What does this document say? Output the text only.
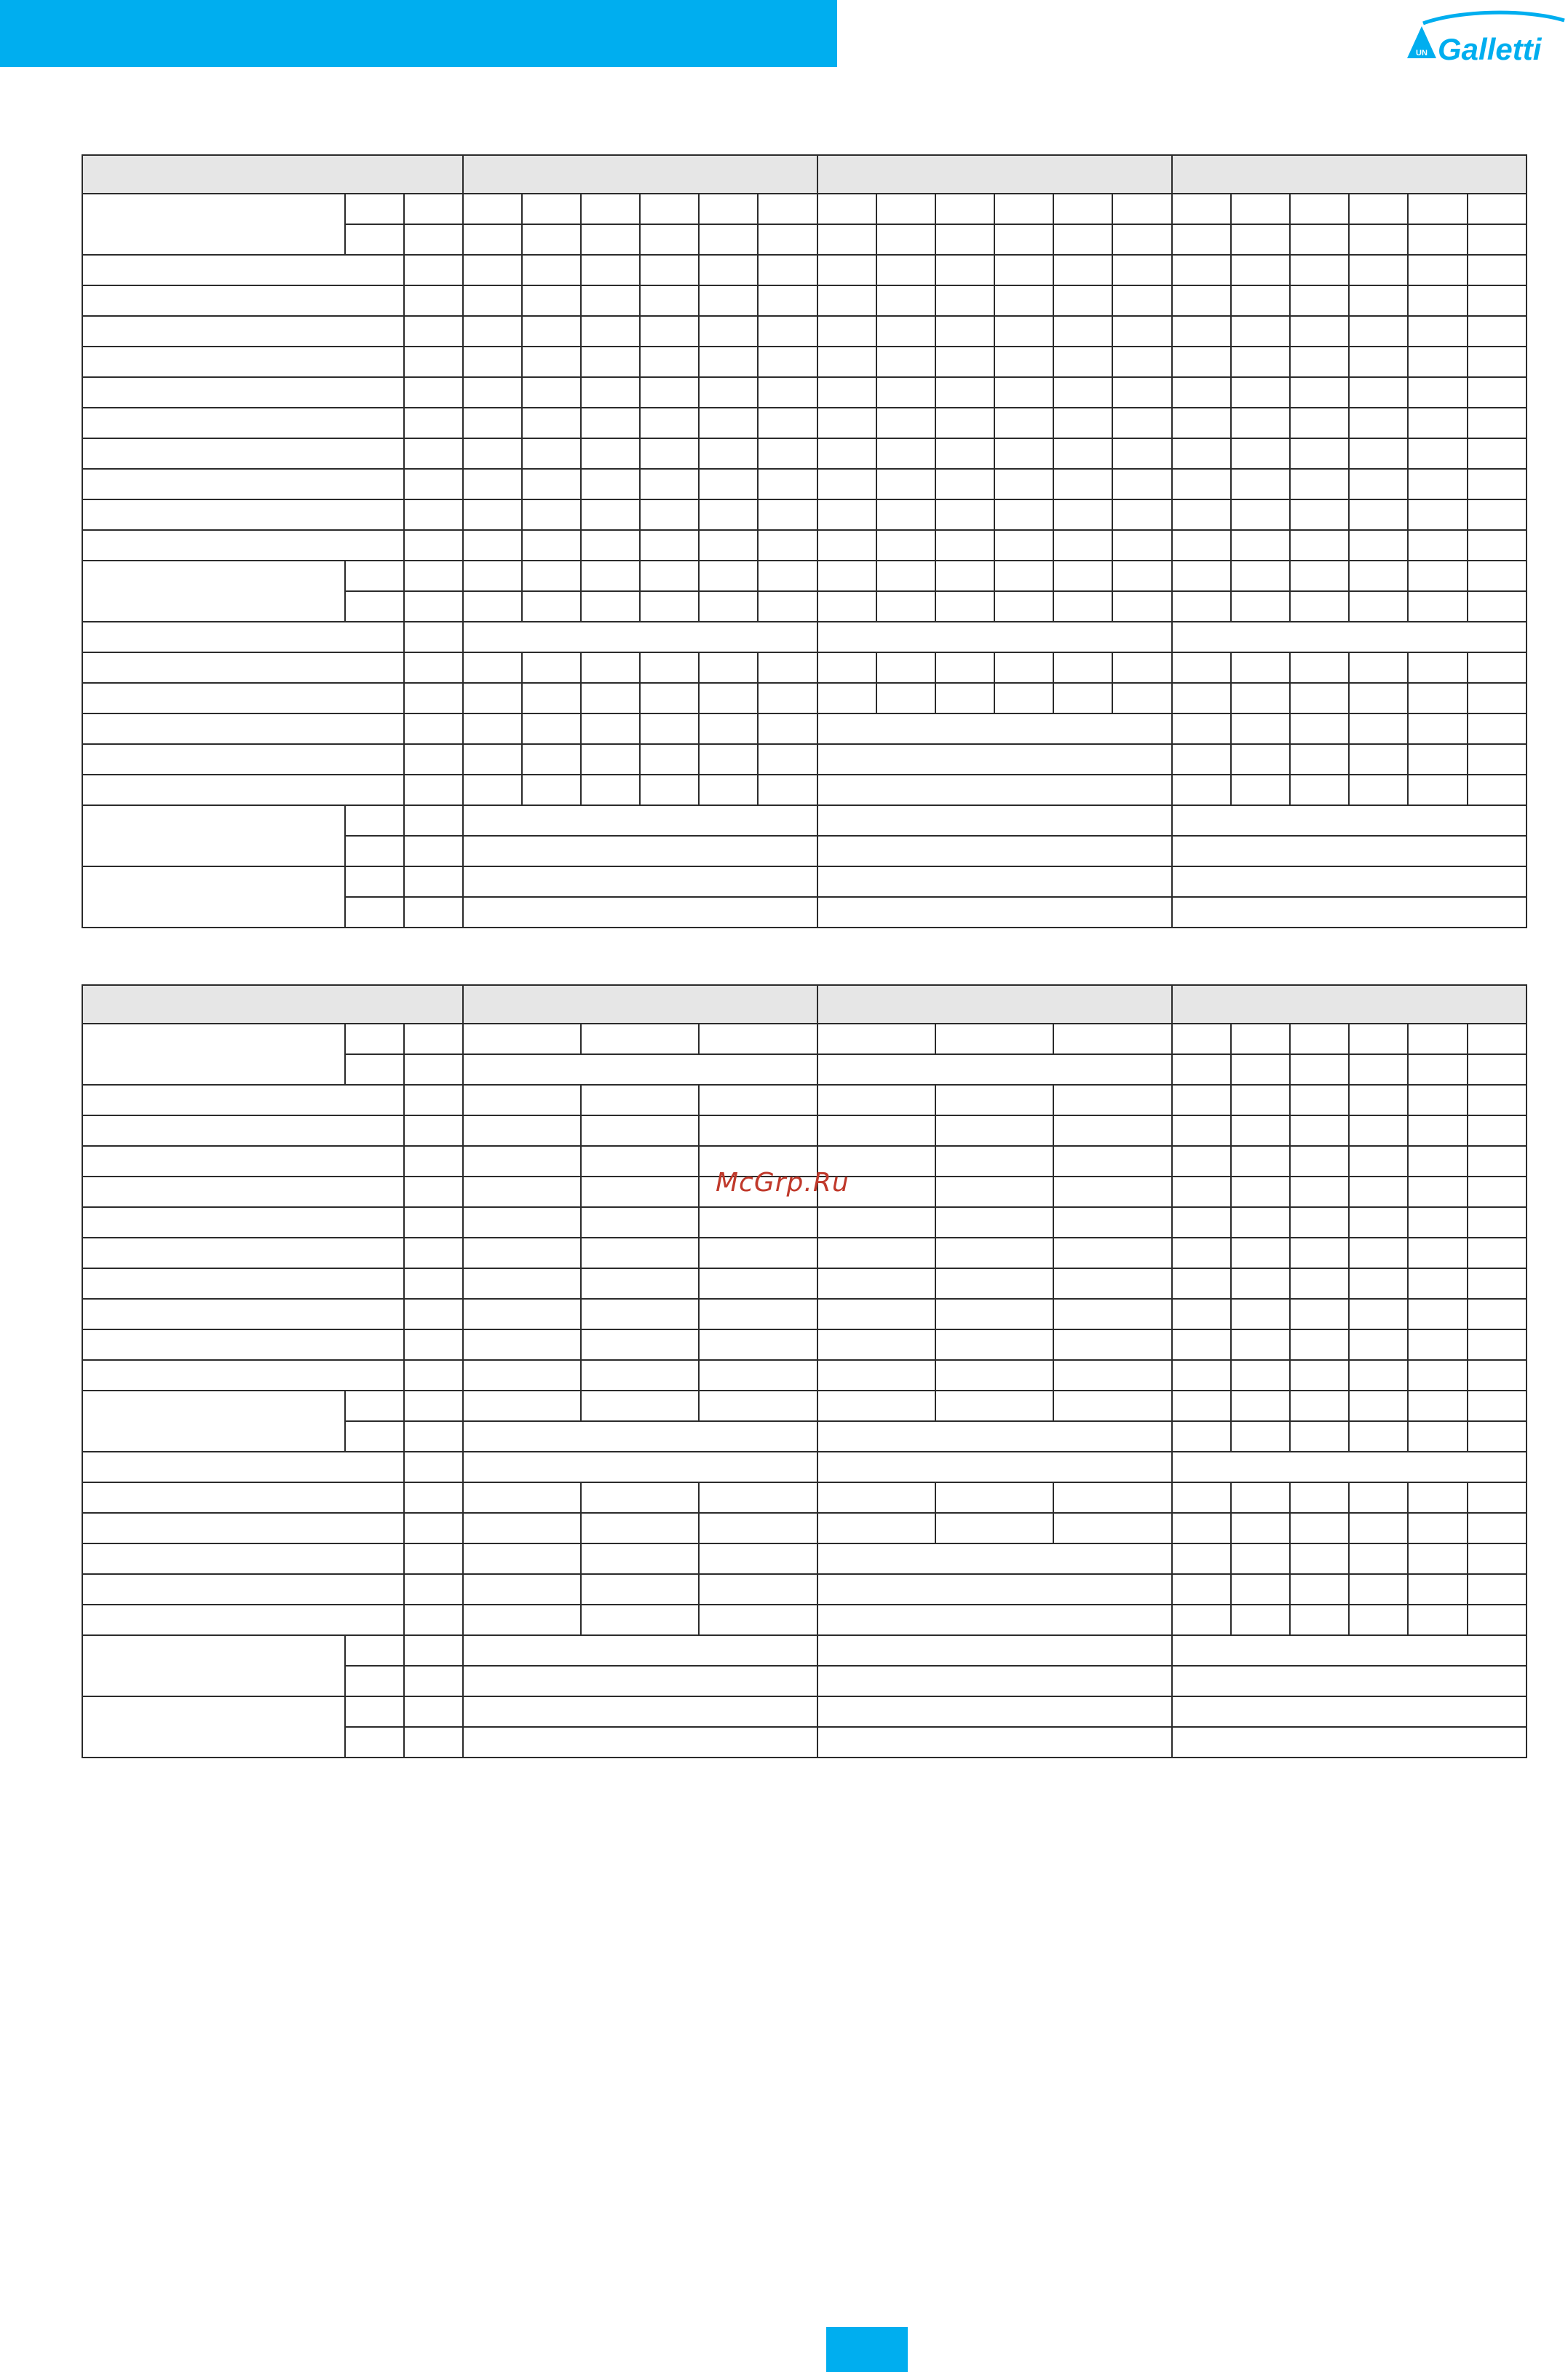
UN Galletti

McGrp.Ru
